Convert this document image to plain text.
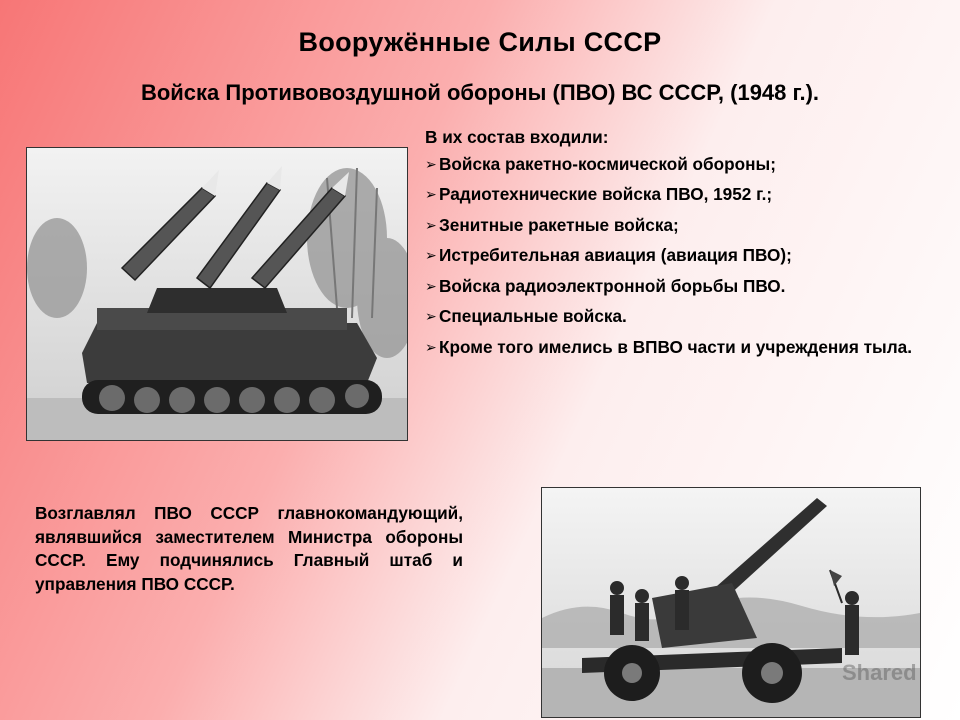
Вооружённые Силы СССР
Войска Противовоздушной обороны (ПВО) ВС СССР, (1948 г.).

В их состав входили:

➢ Войска ракетно-космической обороны;
➢ Радиотехнические войска ПВО, 1952 г.;
➢ Зенитные ракетные войска;
➢ Истребительная авиация (авиация ПВО);
➢ Войска радиоэлектронной борьбы ПВО.
➢ Специальные войска.
➢ Кроме того имелись в ВПВО части и учреждения тыла.
Возглавлял ПВО СССР главнокомандующий, являвшийся заместителем Министра обороны СССР. Ему подчинялись Главный штаб и управления ПВО СССР.
Shared
